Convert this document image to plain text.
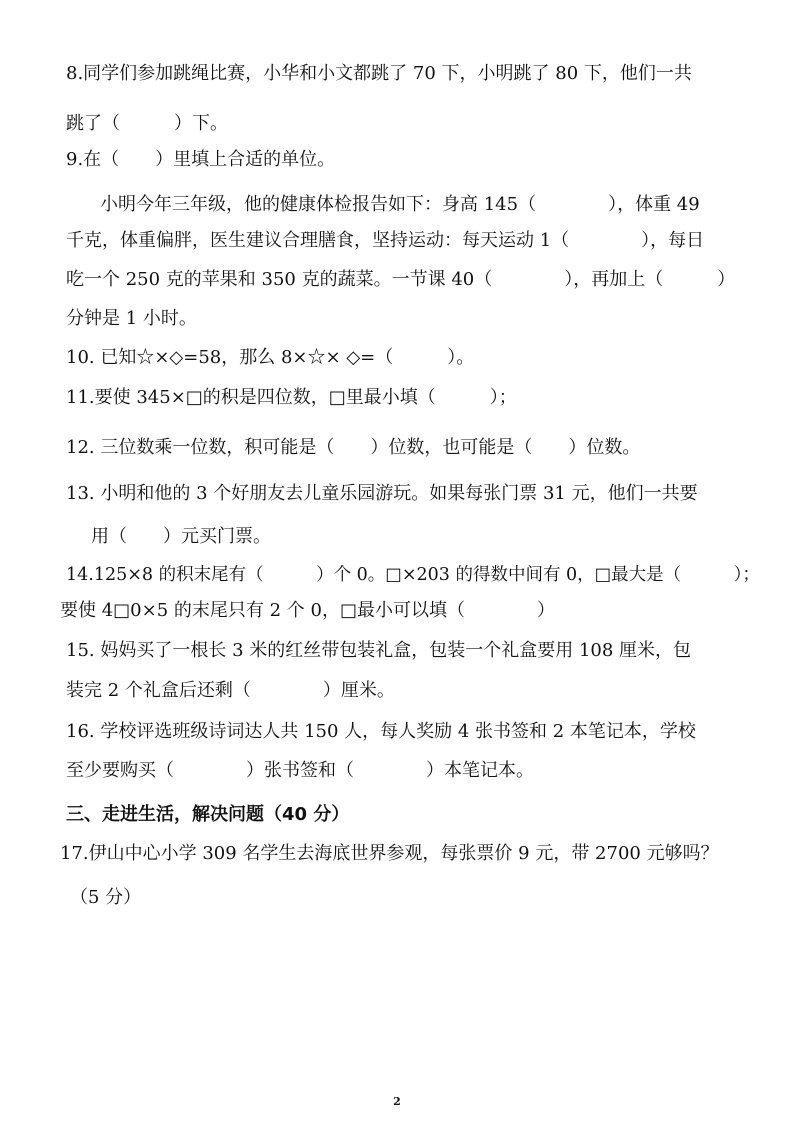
8.同学们参加跳绳比赛，小华和小文都跳了 70 下，小明跳了 80 下，他们一共
跳了（　　　）下。
9.在（　　）里填上合适的单位。
小明今年三年级，他的健康体检报告如下：身高 145（　　　　），体重 49
千克，体重偏胖，医生建议合理膳食，坚持运动：每天运动 1（　　　　），每日
吃一个 250 克的苹果和 350 克的蔬菜。一节课 40（　　　　），再加上（　　　）
分钟是 1 小时。
10. 已知☆×◇=58，那么 8×☆× ◇=（　　　）。
11.要使 345×□的积是四位数，□里最小填（　　　）；
12. 三位数乘一位数，积可能是（　　）位数，也可能是（　　）位数。
13. 小明和他的 3 个好朋友去儿童乐园游玩。如果每张门票 31 元，他们一共要
用（　　）元买门票。
14.125×8 的积末尾有（　　　）个 0。□×203 的得数中间有 0，□最大是（　　　）；
要使 4□0×5 的末尾只有 2 个 0，□最小可以填（　　　　）
15. 妈妈买了一根长 3 米的红丝带包装礼盒，包装一个礼盒要用 108 厘米，包
装完 2 个礼盒后还剩（　　　　）厘米。
16. 学校评选班级诗词达人共 150 人，每人奖励 4 张书签和 2 本笔记本，学校
至少要购买（　　　　）张书签和（　　　　）本笔记本。
三、走进生活，解决问题（40 分）
17.伊山中心小学 309 名学生去海底世界参观，每张票价 9 元，带 2700 元够吗？
（5 分）
2
